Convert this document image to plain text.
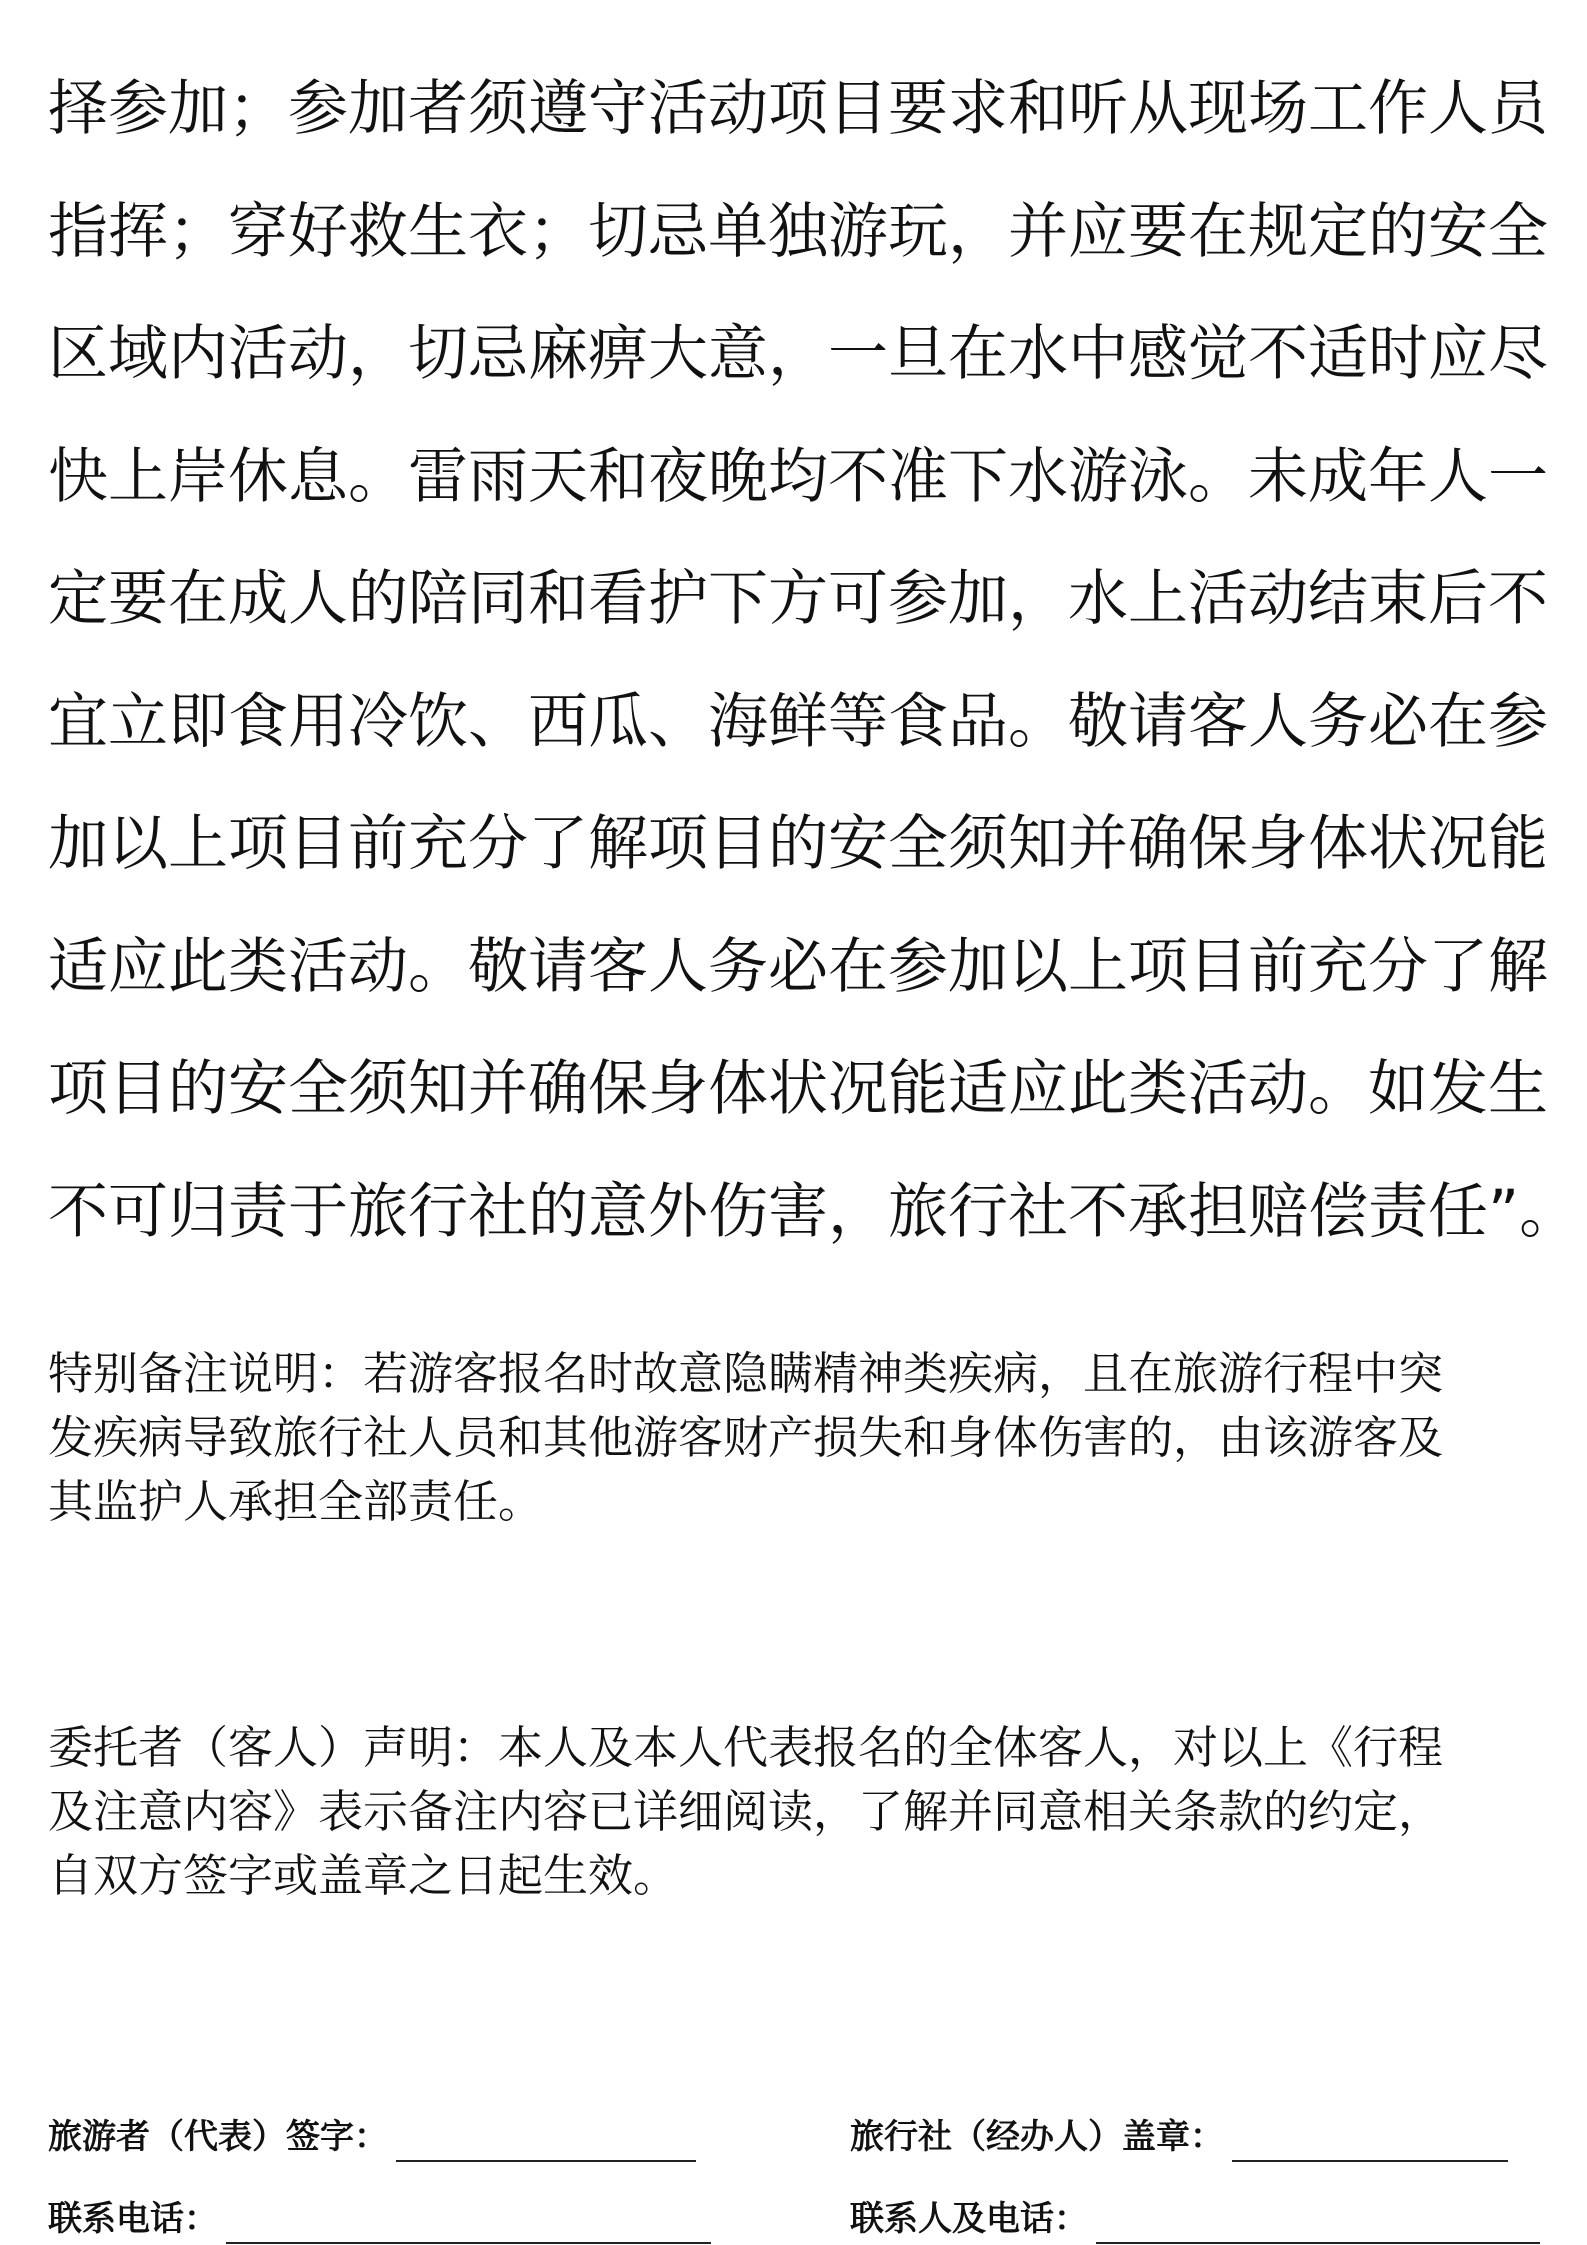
择参加；参加者须遵守活动项目要求和听从现场工作人员

指挥；穿好救生衣；切忌单独游玩，并应要在规定的安全

区域内活动，切忌麻痹大意，一旦在水中感觉不适时应尽

快上岸休息。雷雨天和夜晚均不准下水游泳。未成年人一

定要在成人的陪同和看护下方可参加，水上活动结束后不

宜立即食用冷饮、西瓜、海鲜等食品。敬请客人务必在参

加以上项目前充分了解项目的安全须知并确保身体状况能

适应此类活动。敬请客人务必在参加以上项目前充分了解

项目的安全须知并确保身体状况能适应此类活动。如发生

不可归责于旅行社的意外伤害，旅行社不承担赔偿责任”。

特别备注说明：若游客报名时故意隐瞒精神类疾病，且在旅游行程中突

发疾病导致旅行社人员和其他游客财产损失和身体伤害的，由该游客及

其监护人承担全部责任。

委托者（客人）声明：本人及本人代表报名的全体客人，对以上《行程

及注意内容》表示备注内容已详细阅读，了解并同意相关条款的约定，

自双方签字或盖章之日起生效。

旅游者（代表）签字：	旅行社（经办人）盖章：
联系电话：	联系人及电话：
